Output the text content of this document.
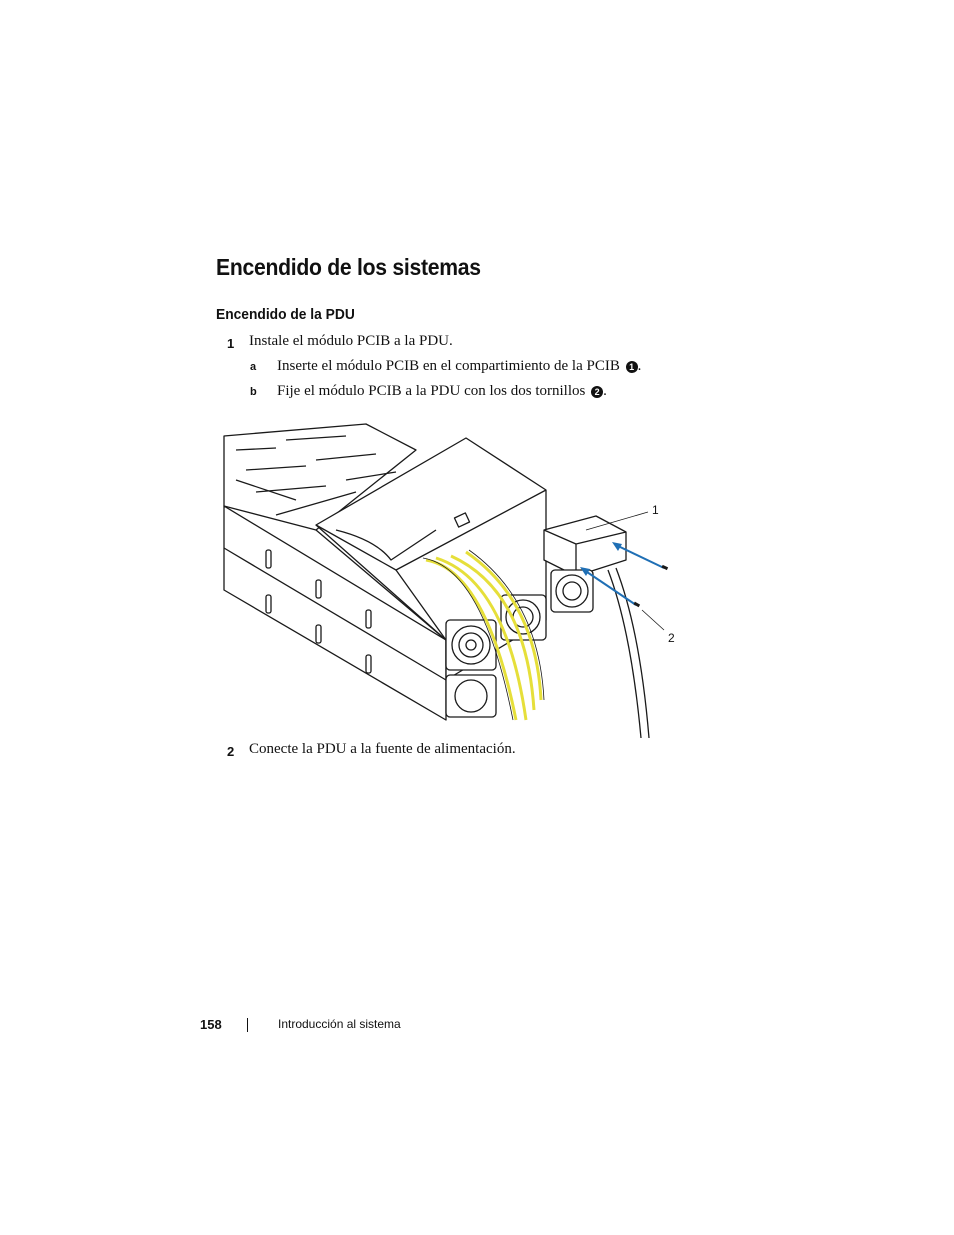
Encendido de los sistemas
Encendido de la PDU
1 Instale el módulo PCIB a la PDU.
a Inserte el módulo PCIB en el compartimiento de la PCIB 1 .
b Fije el módulo PCIB a la PDU con los dos tornillos 2 .
1
2
2 Conecte la PDU a la fuente de alimentación.
158	Introducción al sistema
